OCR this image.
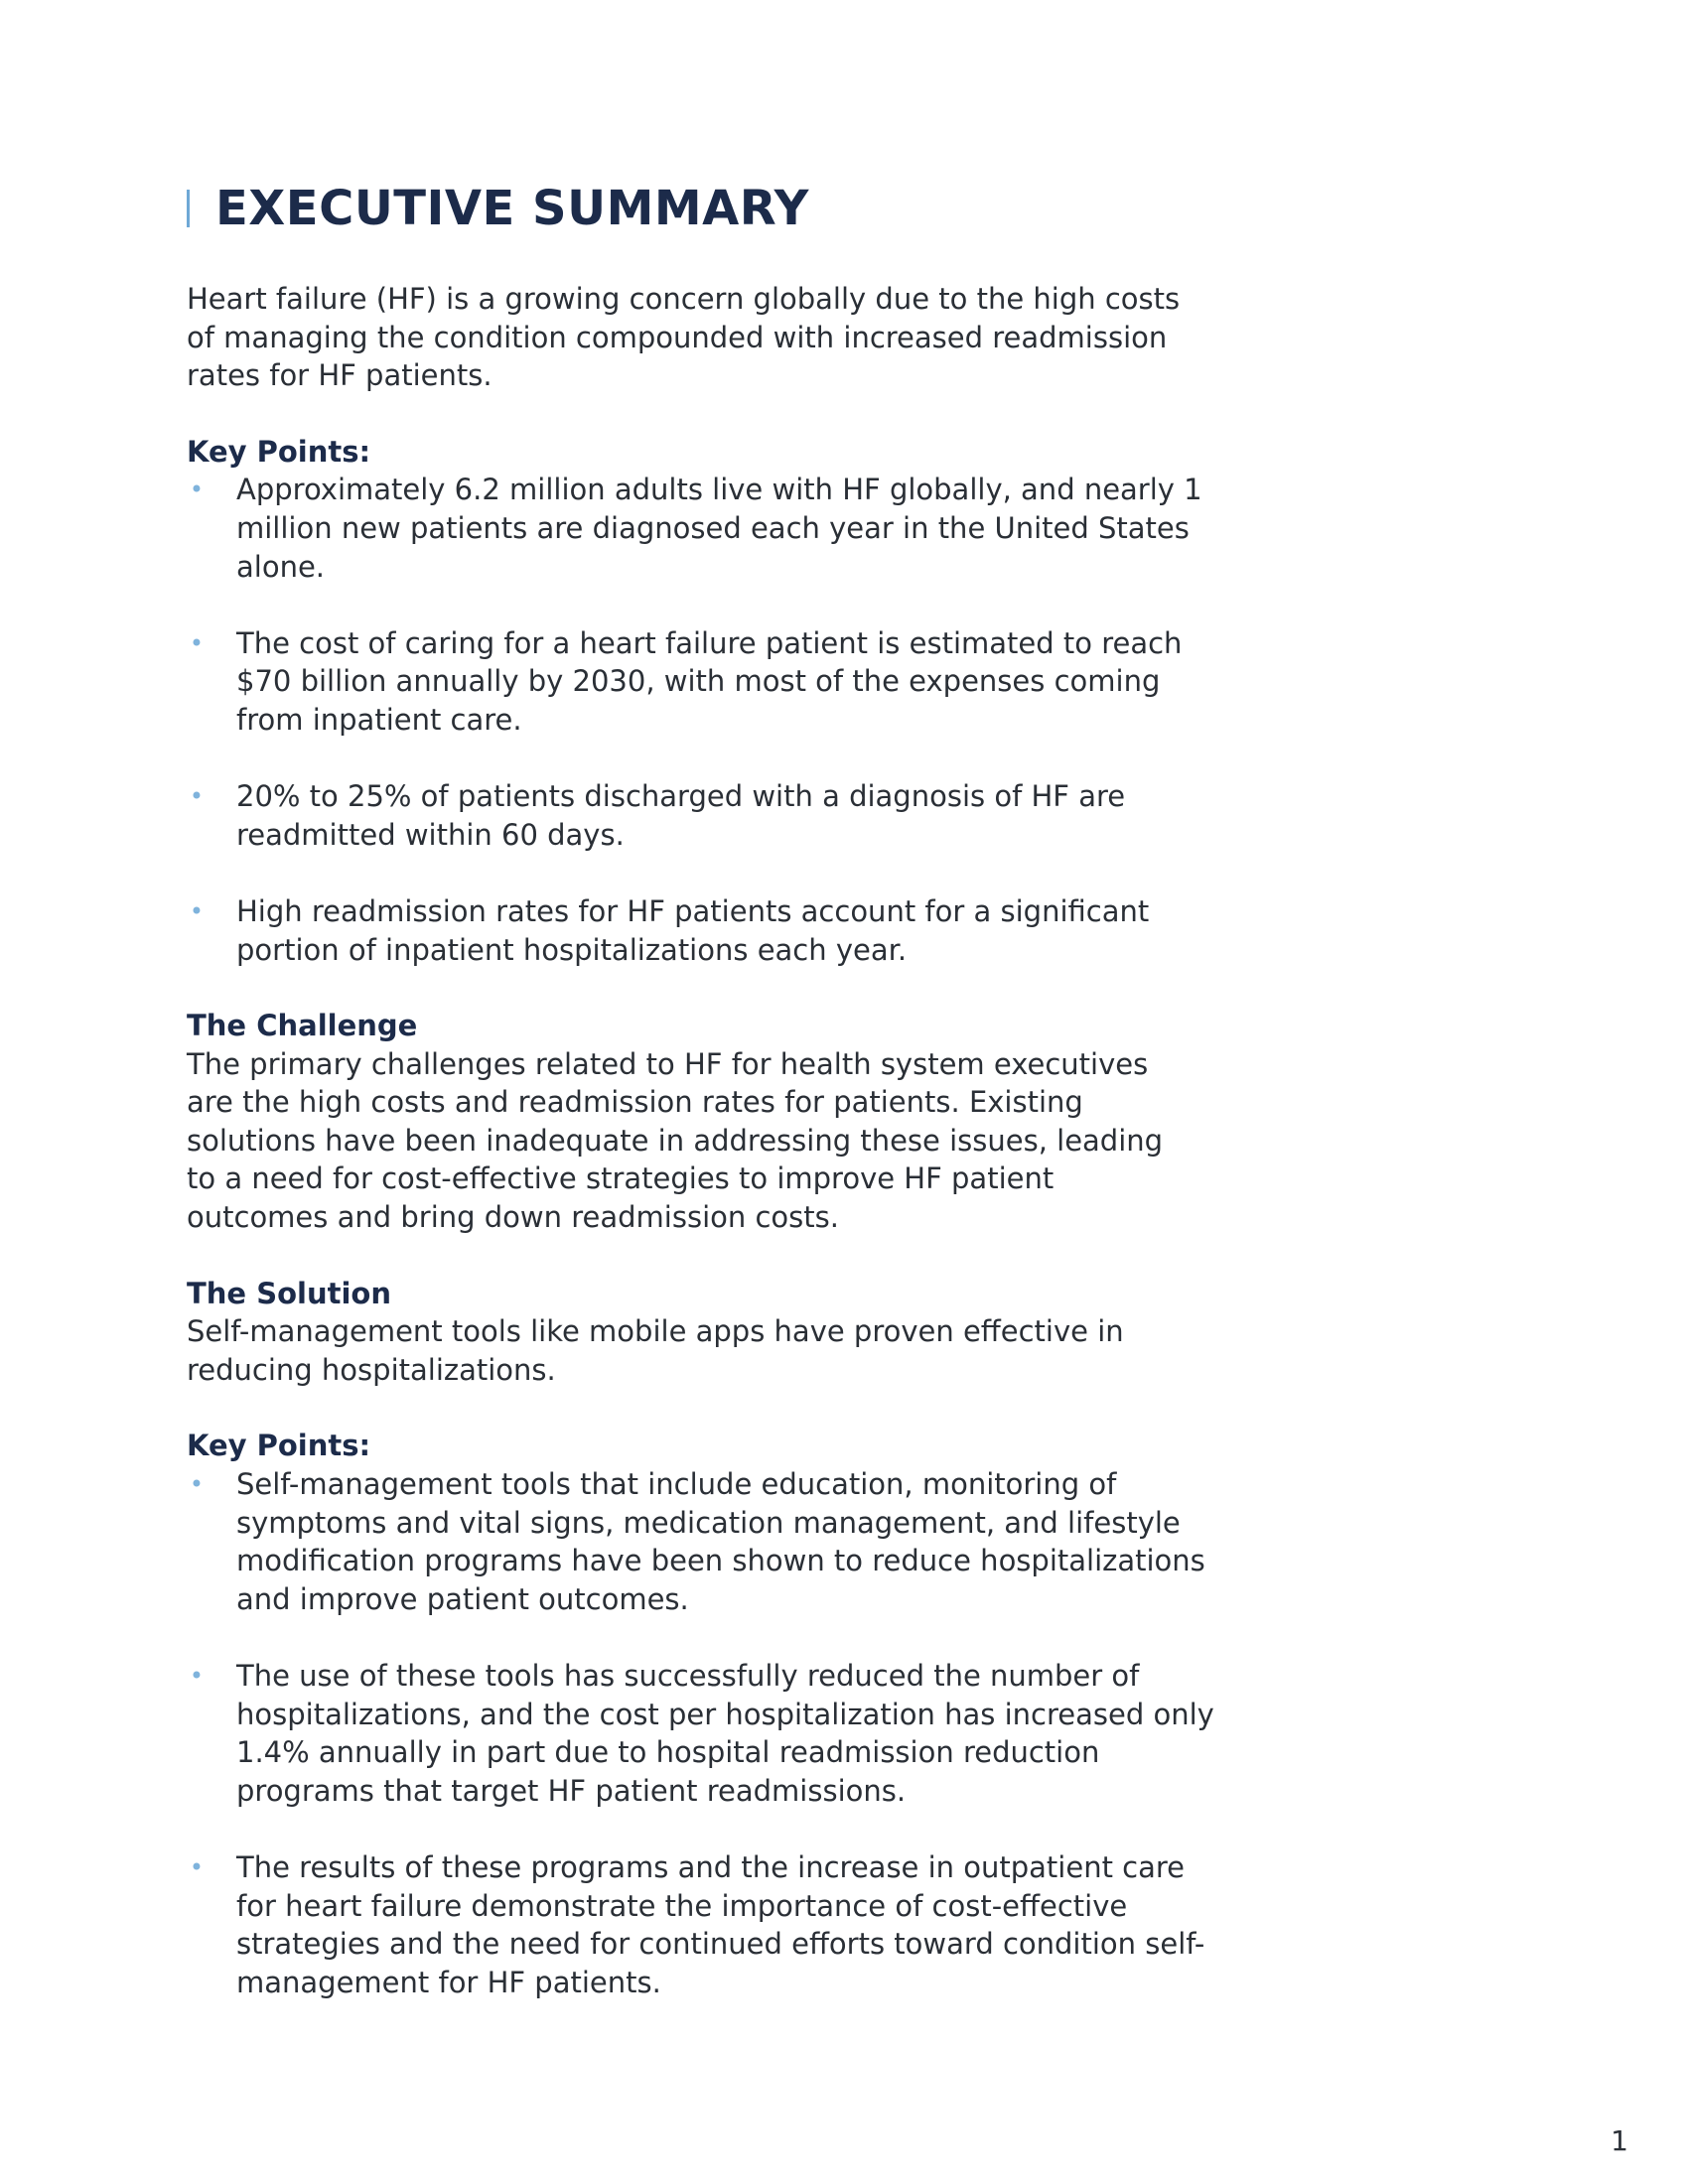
EXECUTIVE SUMMARY

Heart failure (HF) is a growing concern globally due to the high costs of managing the condition compounded with increased readmission rates for HF patients.

Key Points:
• Approximately 6.2 million adults live with HF globally, and nearly 1 million new patients are diagnosed each year in the United States alone.
• The cost of caring for a heart failure patient is estimated to reach $70 billion annually by 2030, with most of the expenses coming from inpatient care.
• 20% to 25% of patients discharged with a diagnosis of HF are readmitted within 60 days.
• High readmission rates for HF patients account for a significant portion of inpatient hospitalizations each year.
The Challenge

The primary challenges related to HF for health system executives are the high costs and readmission rates for patients. Existing solutions have been inadequate in addressing these issues, leading to a need for cost-effective strategies to improve HF patient outcomes and bring down readmission costs.

The Solution

Self-management tools like mobile apps have proven effective in reducing hospitalizations.

Key Points:
• Self-management tools that include education, monitoring of symptoms and vital signs, medication management, and lifestyle modification programs have been shown to reduce hospitalizations and improve patient outcomes.
• The use of these tools has successfully reduced the number of hospitalizations, and the cost per hospitalization has increased only 1.4% annually in part due to hospital readmission reduction programs that target HF patient readmissions.
• The results of these programs and the increase in outpatient care for heart failure demonstrate the importance of cost-effective strategies and the need for continued efforts toward condition self-management for HF patients.
1
